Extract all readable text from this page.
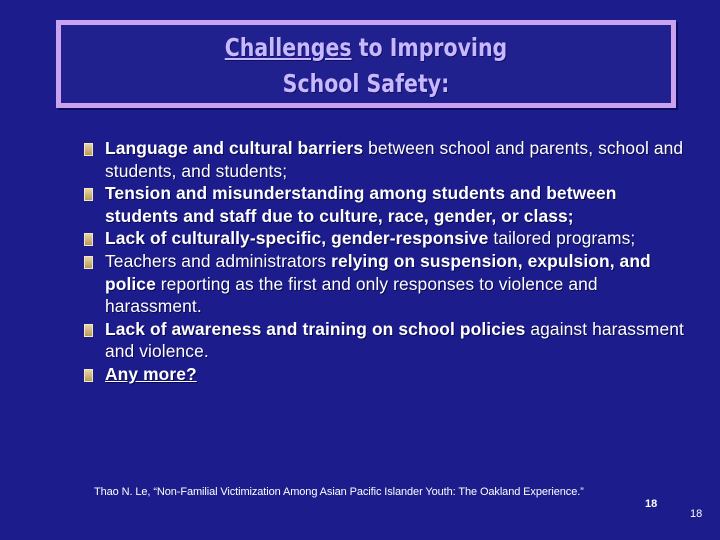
Challenges to Improving
School Safety:
Language and cultural barriers between school and parents, school and students, and students;
Tension and misunderstanding among students and between students and staff due to culture, race, gender, or class;
Lack of culturally-specific, gender-responsive tailored programs;
Teachers and administrators relying on suspension, expulsion, and police reporting as the first and only responses to violence and harassment.
Lack of awareness and training on school policies against harassment and violence.
Any more?
Thao N. Le, “Non-Familial Victimization Among Asian Pacific Islander Youth: The Oakland Experience.”
18
18
